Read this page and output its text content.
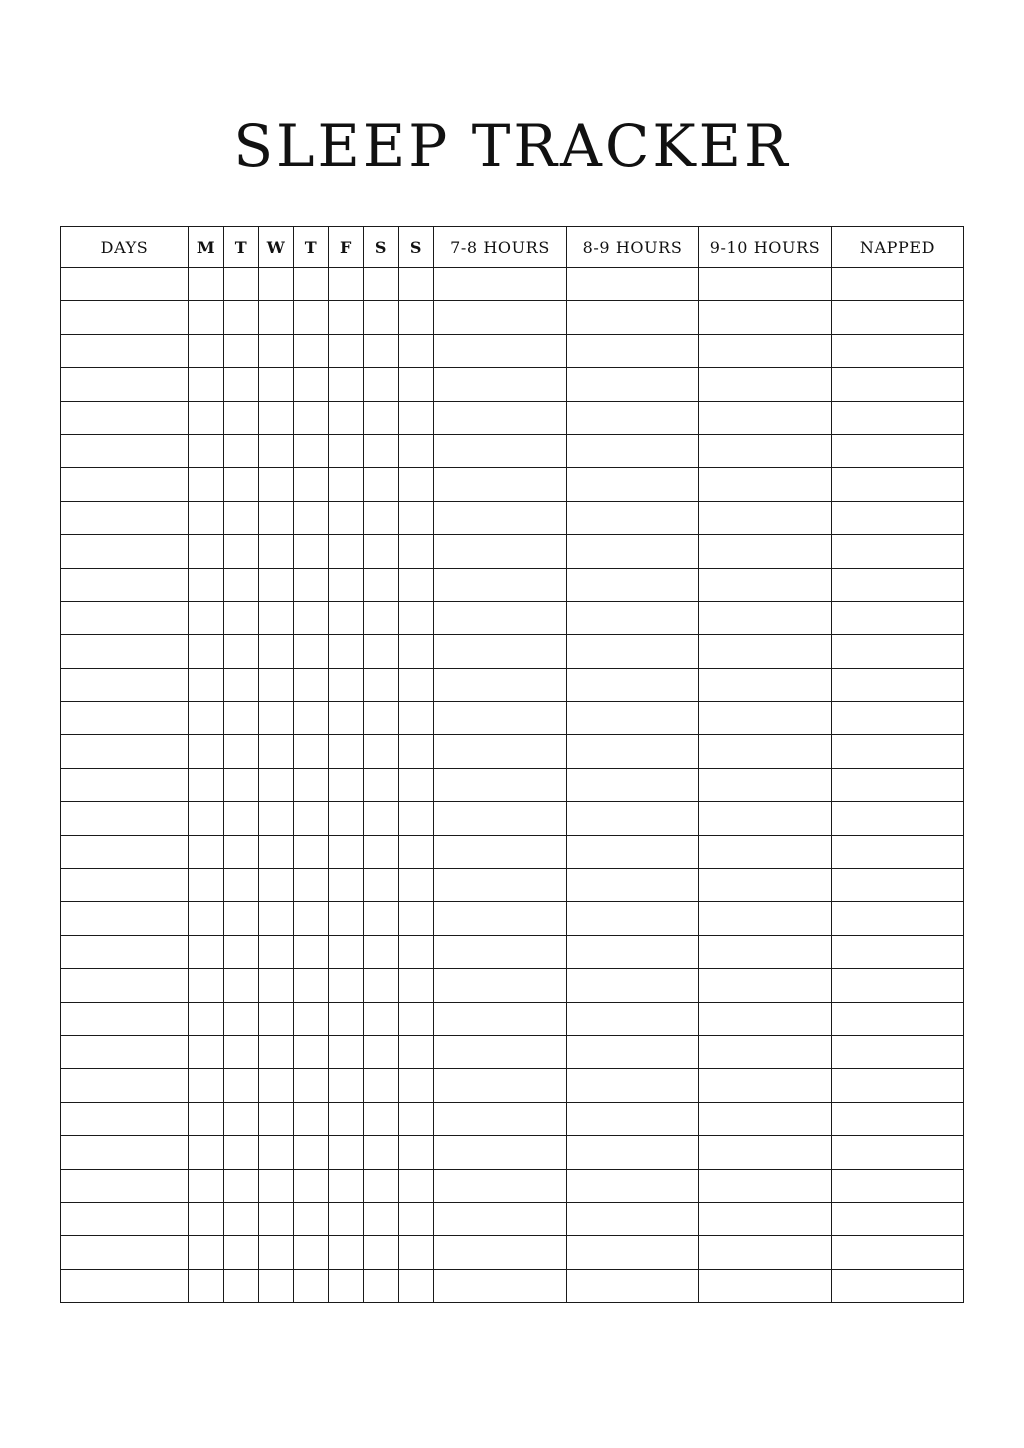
SLEEP TRACKER
DAYS	M	T	W	T	F	S	S	7-8 HOURS	8-9 HOURS	9-10 HOURS	NAPPED
